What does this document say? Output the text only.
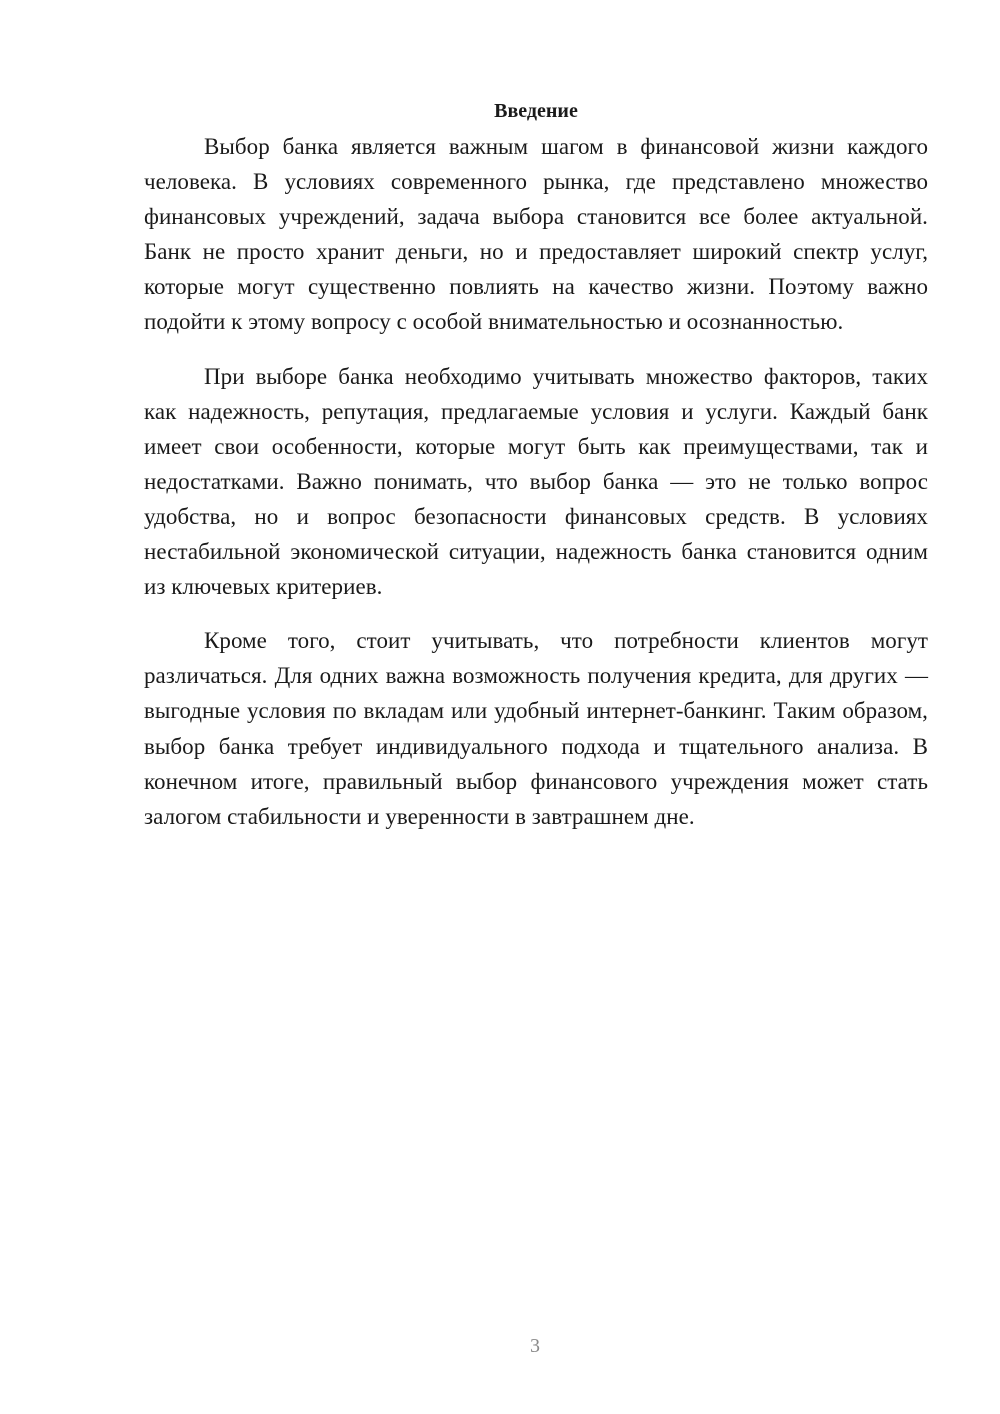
Введение

Выбор банка является важным шагом в финансовой жизни каждого человека. В условиях современного рынка, где представлено множество финансовых учреждений, задача выбора становится все более актуальной. Банк не просто хранит деньги, но и предоставляет широкий спектр услуг, которые могут существенно повлиять на качество жизни. Поэтому важно подойти к этому вопросу с особой внимательностью и осознанностью.

При выборе банка необходимо учитывать множество факторов, таких как надежность, репутация, предлагаемые условия и услуги. Каждый банк имеет свои особенности, которые могут быть как преимуществами, так и недостатками. Важно понимать, что выбор банка — это не только вопрос удобства, но и вопрос безопасности финансовых средств. В условиях нестабильной экономической ситуации, надежность банка становится одним из ключевых критериев.

Кроме того, стоит учитывать, что потребности клиентов могут различаться. Для одних важна возможность получения кредита, для других — выгодные условия по вкладам или удобный интернет-банкинг. Таким образом, выбор банка требует индивидуального подхода и тщательного анализа. В конечном итоге, правильный выбор финансового учреждения может стать залогом стабильности и уверенности в завтрашнем дне.

3
